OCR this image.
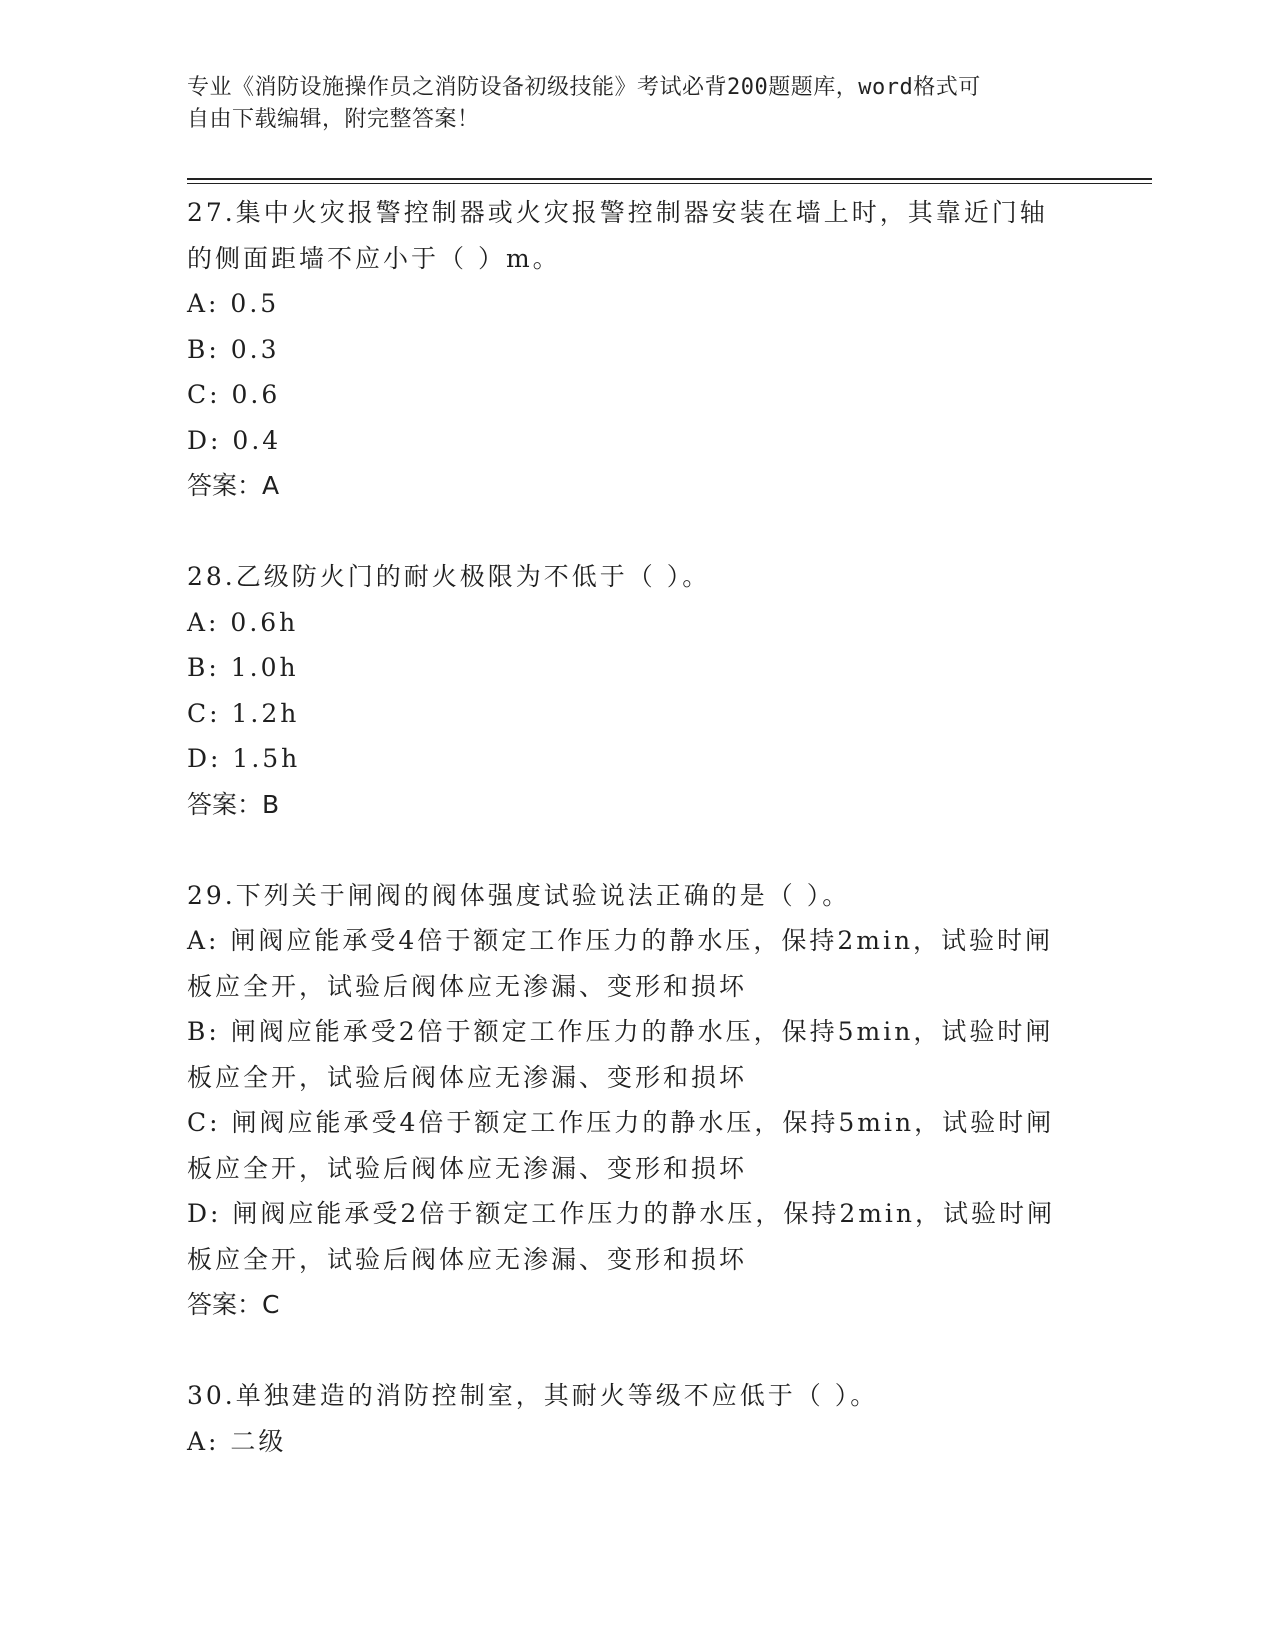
专业《消防设施操作员之消防设备初级技能》考试必背200题题库，word格式可
自由下载编辑，附完整答案！
27.集中火灾报警控制器或火灾报警控制器安装在墙上时，其靠近门轴
的侧面距墙不应小于（ ）m。
A: 0.5
B: 0.3
C: 0.6
D: 0.4
答案：A
28.乙级防火门的耐火极限为不低于（ ）。
A: 0.6h
B: 1.0h
C: 1.2h
D: 1.5h
答案：B
29.下列关于闸阀的阀体强度试验说法正确的是（ ）。
A: 闸阀应能承受4倍于额定工作压力的静水压，保持2min，试验时闸
板应全开，试验后阀体应无渗漏、变形和损坏
B: 闸阀应能承受2倍于额定工作压力的静水压，保持5min，试验时闸
板应全开，试验后阀体应无渗漏、变形和损坏
C: 闸阀应能承受4倍于额定工作压力的静水压，保持5min，试验时闸
板应全开，试验后阀体应无渗漏、变形和损坏
D: 闸阀应能承受2倍于额定工作压力的静水压，保持2min，试验时闸
板应全开，试验后阀体应无渗漏、变形和损坏
答案：C
30.单独建造的消防控制室，其耐火等级不应低于（ ）。
A: 二级
